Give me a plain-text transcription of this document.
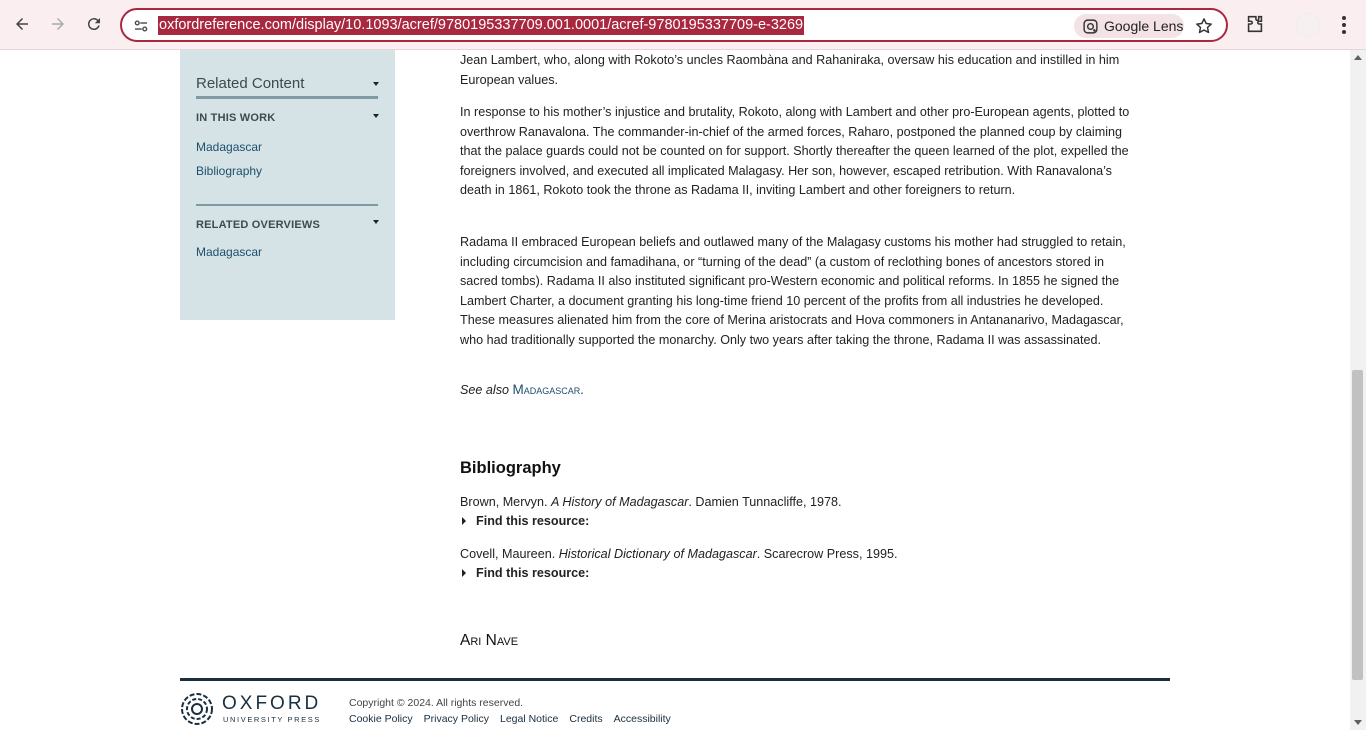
oxfordreference.com/display/10.1093/acref/9780195337709.001.0001/acref-9780195337709-e-3269	Google Lens
Related Content
IN THIS WORK
Madagascar
Bibliography
RELATED OVERVIEWS
Madagascar

Jean Lambert, who, along with Rokoto’s uncles Raombàna and Rahaniraka, oversaw his education and instilled in him European values.

In response to his mother’s injustice and brutality, Rokoto, along with Lambert and other pro-European agents, plotted to overthrow Ranavalona. The commander-in-chief of the armed forces, Raharo, postponed the planned coup by claiming that the palace guards could not be counted on for support. Shortly thereafter the queen learned of the plot, expelled the foreigners involved, and executed all implicated Malagasy. Her son, however, escaped retribution. With Ranavalona’s death in 1861, Rokoto took the throne as Radama II, inviting Lambert and other foreigners to return.

Radama II embraced European beliefs and outlawed many of the Malagasy customs his mother had struggled to retain, including circumcision and famadihana, or “turning of the dead” (a custom of reclothing bones of ancestors stored in sacred tombs). Radama II also instituted significant pro-Western economic and political reforms. In 1855 he signed the Lambert Charter, a document granting his long-time friend 10 percent of the profits from all industries he developed. These measures alienated him from the core of Merina aristocrats and Hova commoners in Antananarivo, Madagascar, who had traditionally supported the monarchy. Only two years after taking the throne, Radama II was assassinated.

See also Madagascar.
Bibliography
Brown, Mervyn. A History of Madagascar. Damien Tunnacliffe, 1978.
Find this resource:
Covell, Maureen. Historical Dictionary of Madagascar. Scarecrow Press, 1995.
Find this resource:
Ari Nave
OXFORD
UNIVERSITY PRESS
Copyright © 2024. All rights reserved.
Cookie Policy Privacy Policy Legal Notice Credits Accessibility
